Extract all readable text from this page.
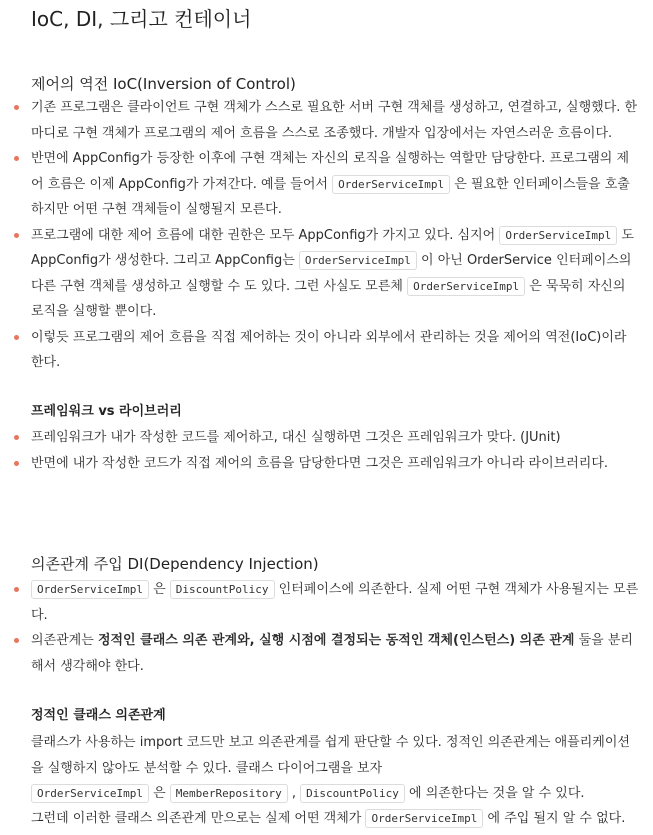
IoC, DI, 그리고 컨테이너
제어의 역전 IoC(Inversion of Control)
기존 프로그램은 클라이언트 구현 객체가 스스로 필요한 서버 구현 객체를 생성하고, 연결하고, 실행했다. 한마디로 구현 객체가 프로그램의 제어 흐름을 스스로 조종했다. 개발자 입장에서는 자연스러운 흐름이다.
반면에 AppConfig가 등장한 이후에 구현 객체는 자신의 로직을 실행하는 역할만 담당한다. 프로그램의 제어 흐름은 이제 AppConfig가 가져간다. 예를 들어서 OrderServiceImpl 은 필요한 인터페이스들을 호출하지만 어떤 구현 객체들이 실행될지 모른다.
프로그램에 대한 제어 흐름에 대한 권한은 모두 AppConfig가 가지고 있다. 심지어 OrderServiceImpl 도 AppConfig가 생성한다. 그리고 AppConfig는 OrderServiceImpl 이 아닌 OrderService 인터페이스의 다른 구현 객체를 생성하고 실행할 수 도 있다. 그런 사실도 모른체 OrderServiceImpl 은 묵묵히 자신의 로직을 실행할 뿐이다.
이렇듯 프로그램의 제어 흐름을 직접 제어하는 것이 아니라 외부에서 관리하는 것을 제어의 역전(IoC)이라 한다.
프레임워크 vs 라이브러리
프레임워크가 내가 작성한 코드를 제어하고, 대신 실행하면 그것은 프레임워크가 맞다. (JUnit)
반면에 내가 작성한 코드가 직접 제어의 흐름을 담당한다면 그것은 프레임워크가 아니라 라이브러리다.
의존관계 주입 DI(Dependency Injection)
OrderServiceImpl 은 DiscountPolicy 인터페이스에 의존한다. 실제 어떤 구현 객체가 사용될지는 모른다.
의존관계는 정적인 클래스 의존 관계와, 실행 시점에 결정되는 동적인 객체(인스턴스) 의존 관계 둘을 분리해서 생각해야 한다.
정적인 클래스 의존관계

클래스가 사용하는 import 코드만 보고 의존관계를 쉽게 판단할 수 있다. 정적인 의존관계는 애플리케이션을 실행하지 않아도 분석할 수 있다. 클래스 다이어그램을 보자

OrderServiceImpl 은 MemberRepository , DiscountPolicy 에 의존한다는 것을 알 수 있다.

그런데 이러한 클래스 의존관계 만으로는 실제 어떤 객체가 OrderServiceImpl 에 주입 될지 알 수 없다.
